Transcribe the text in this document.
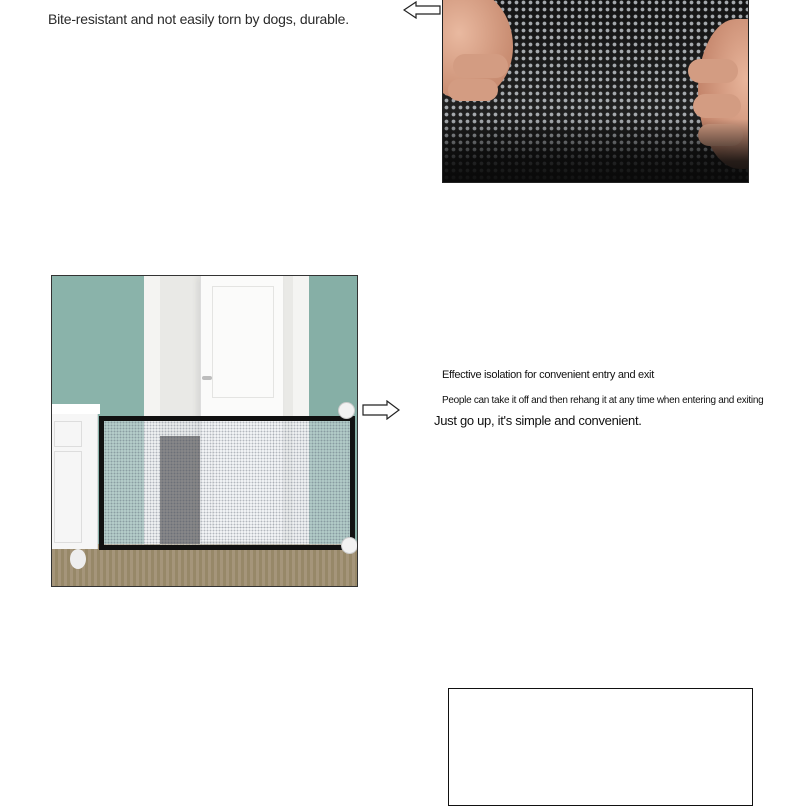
Bite-resistant and not easily torn by dogs, durable.
Effective isolation for convenient entry and exit
People can take it off and then rehang it at any time when entering and exiting
Just go up, it's simple and convenient.
